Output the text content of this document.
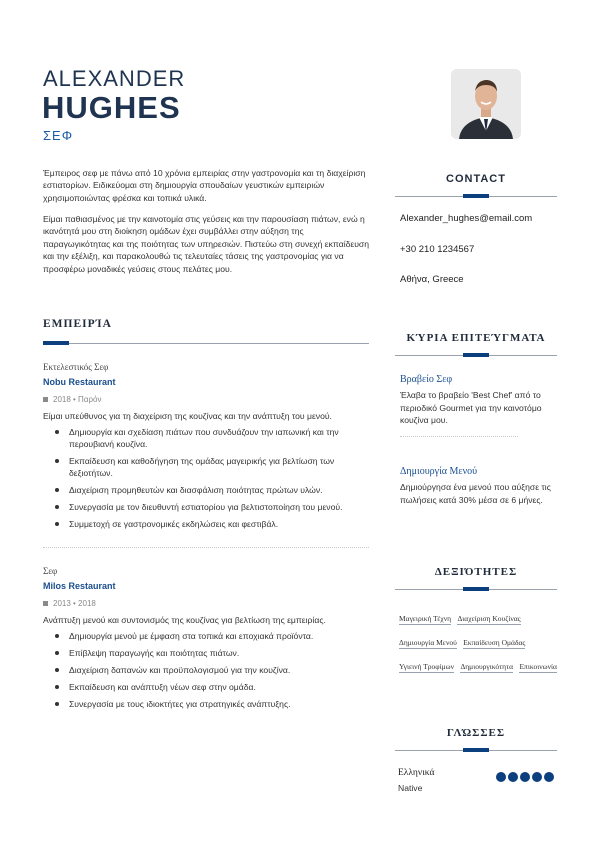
ALEXANDER
HUGHES
ΣΕΦ
Έμπειρος σεφ με πάνω από 10 χρόνια εμπειρίας στην γαστρονομία και τη διαχείριση εστιατορίων. Ειδικεύομαι στη δημιουργία σπουδαίων γευστικών εμπειριών χρησιμοποιώντας φρέσκα και τοπικά υλικά.
Είμαι παθιασμένος με την καινοτομία στις γεύσεις και την παρουσίαση πιάτων, ενώ η ικανότητά μου στη διοίκηση ομάδων έχει συμβάλλει στην αύξηση της παραγωγικότητας και της ποιότητας των υπηρεσιών. Πιστεύω στη συνεχή εκπαίδευση και την εξέλιξη, και παρακολουθώ τις τελευταίες τάσεις της γαστρονομίας για να προσφέρω μοναδικές γεύσεις στους πελάτες μου.
ΕΜΠΕΙΡΊΑ
Εκτελεστικός Σεφ
Nobu Restaurant
2018 • Παρόν
Είμαι υπεύθυνος για τη διαχείριση της κουζίνας και την ανάπτυξη του μενού.
Δημιουργία και σχεδίαση πιάτων που συνδυάζουν την ιαπωνική και την περουβιανή κουζίνα.
Εκπαίδευση και καθοδήγηση της ομάδας μαγειρικής για βελτίωση των δεξιοτήτων.
Διαχείριση προμηθευτών και διασφάλιση ποιότητας πρώτων υλών.
Συνεργασία με τον διευθυντή εστιατορίου για βελτιστοποίηση του μενού.
Συμμετοχή σε γαστρονομικές εκδηλώσεις και φεστιβάλ.
Σεφ
Milos Restaurant
2013 • 2018
Ανάπτυξη μενού και συντονισμός της κουζίνας για βελτίωση της εμπειρίας.
Δημιουργία μενού με έμφαση στα τοπικά και εποχιακά προϊόντα.
Επίβλεψη παραγωγής και ποιότητας πιάτων.
Διαχείριση δαπανών και προϋπολογισμού για την κουζίνα.
Εκπαίδευση και ανάπτυξη νέων σεφ στην ομάδα.
Συνεργασία με τους ιδιοκτήτες για στρατηγικές ανάπτυξης.
CONTACT
Alexander_hughes@email.com
+30 210 1234567
Αθήνα, Greece
ΚΎΡΙΑ ΕΠΙΤΕΎΓΜΑΤΑ
Βραβείο Σεφ
Έλαβα το βραβείο 'Best Chef' από το περιοδικό Gourmet για την καινοτόμο κουζίνα μου.
Δημιουργία Μενού
Δημιούργησα ένα μενού που αύξησε τις πωλήσεις κατά 30% μέσα σε 6 μήνες.
ΔΕΞΙΌΤΗΤΕΣ
Μαγειρική Τέχνη Διαχείριση Κουζίνας Δημιουργία Μενού Εκπαίδευση Ομάδας Υγιεινή Τροφίμων Δημιουργικότητα Επικοινωνία
ΓΛΏΣΣΕΣ
Ελληνικά
Native
